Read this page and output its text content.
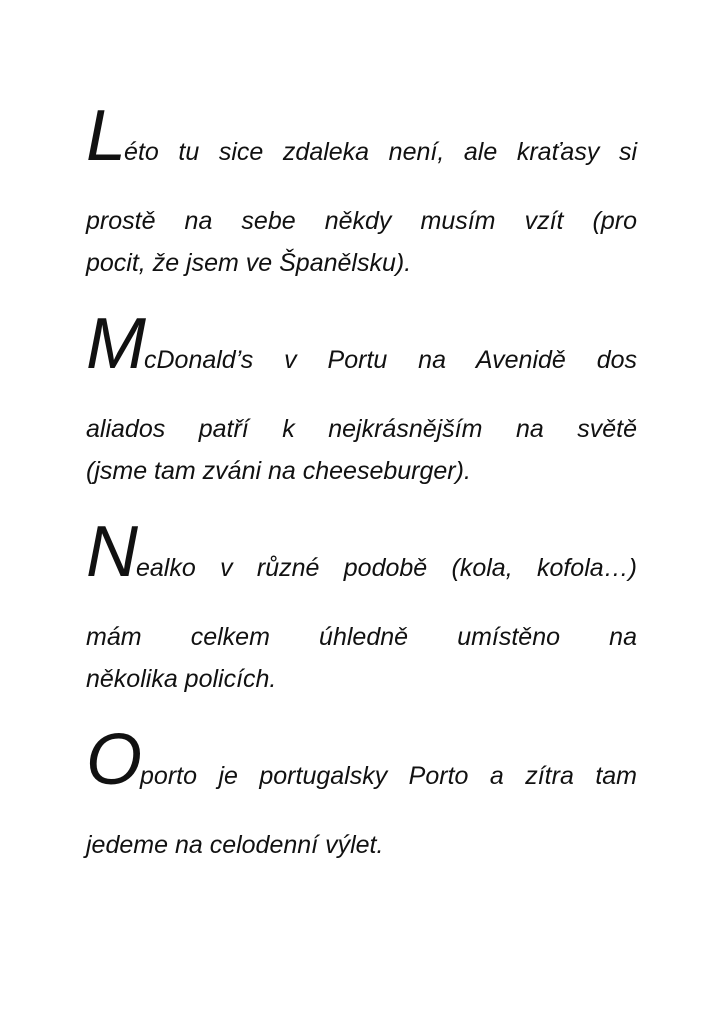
Léto tu sice zdaleka není, ale kraťasy si
prostě na sebe někdy musím vzít (pro
pocit, že jsem ve Španělsku).
McDonald’s v Portu na Avenidě dos
aliados patří k nejkrásnějším na světě
(jsme tam zváni na cheeseburger).
Nealko v různé podobě (kola, kofola…)
mám celkem úhledně umístěno na
několika policích.
Oporto je portugalsky Porto a zítra tam
jedeme na celodenní výlet.
